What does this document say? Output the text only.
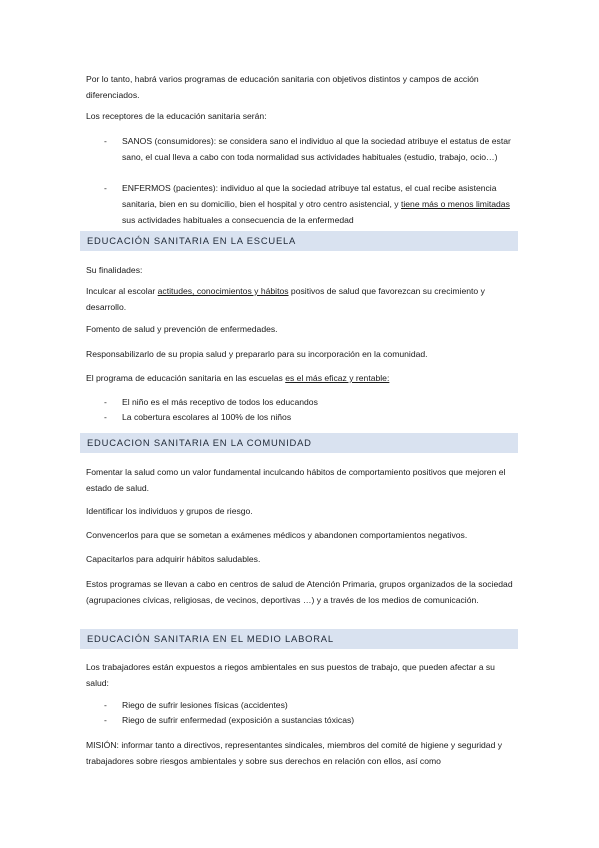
Por lo tanto, habrá varios programas de educación sanitaria con objetivos distintos y campos de acción diferenciados.

Los receptores de la educación sanitaria serán:

- SANOS (consumidores): se considera sano el individuo al que la sociedad atribuye el estatus de estar sano, el cual lleva a cabo con toda normalidad sus actividades habituales (estudio, trabajo, ocio…)
- ENFERMOS (pacientes): individuo al que la sociedad atribuye tal estatus, el cual recibe asistencia sanitaria, bien en su domicilio, bien el hospital y otro centro asistencial, y tiene más o menos limitadas sus actividades habituales a consecuencia de la enfermedad
EDUCACIÓN SANITARIA EN LA ESCUELA

Su finalidades:

Inculcar al escolar actitudes, conocimientos y hábitos positivos de salud que favorezcan su crecimiento y desarrollo.

Fomento de salud y prevención de enfermedades.

Responsabilizarlo de su propia salud y prepararlo para su incorporación en la comunidad.

El programa de educación sanitaria en las escuelas es el más eficaz y rentable:

- El niño es el más receptivo de todos los educandos
- La cobertura escolares al 100% de los niños
EDUCACION SANITARIA EN LA COMUNIDAD

Fomentar la salud como un valor fundamental inculcando hábitos de comportamiento positivos que mejoren el estado de salud.

Identificar los individuos y grupos de riesgo.

Convencerlos para que se sometan a exámenes médicos y abandonen comportamientos negativos.

Capacitarlos para adquirir hábitos saludables.

Estos programas se llevan a cabo en centros de salud de Atención Primaria, grupos organizados de la sociedad (agrupaciones cívicas, religiosas, de vecinos, deportivas …) y a través de los medios de comunicación.

EDUCACIÓN SANITARIA EN EL MEDIO LABORAL

Los trabajadores están expuestos a riegos ambientales en sus puestos de trabajo, que pueden afectar a su salud:

- Riego de sufrir lesiones físicas (accidentes)
- Riego de sufrir enfermedad (exposición a sustancias tóxicas)

MISIÓN: informar tanto a directivos, representantes sindicales, miembros del comité de higiene y seguridad y trabajadores sobre riesgos ambientales y sobre sus derechos en relación con ellos, así como
